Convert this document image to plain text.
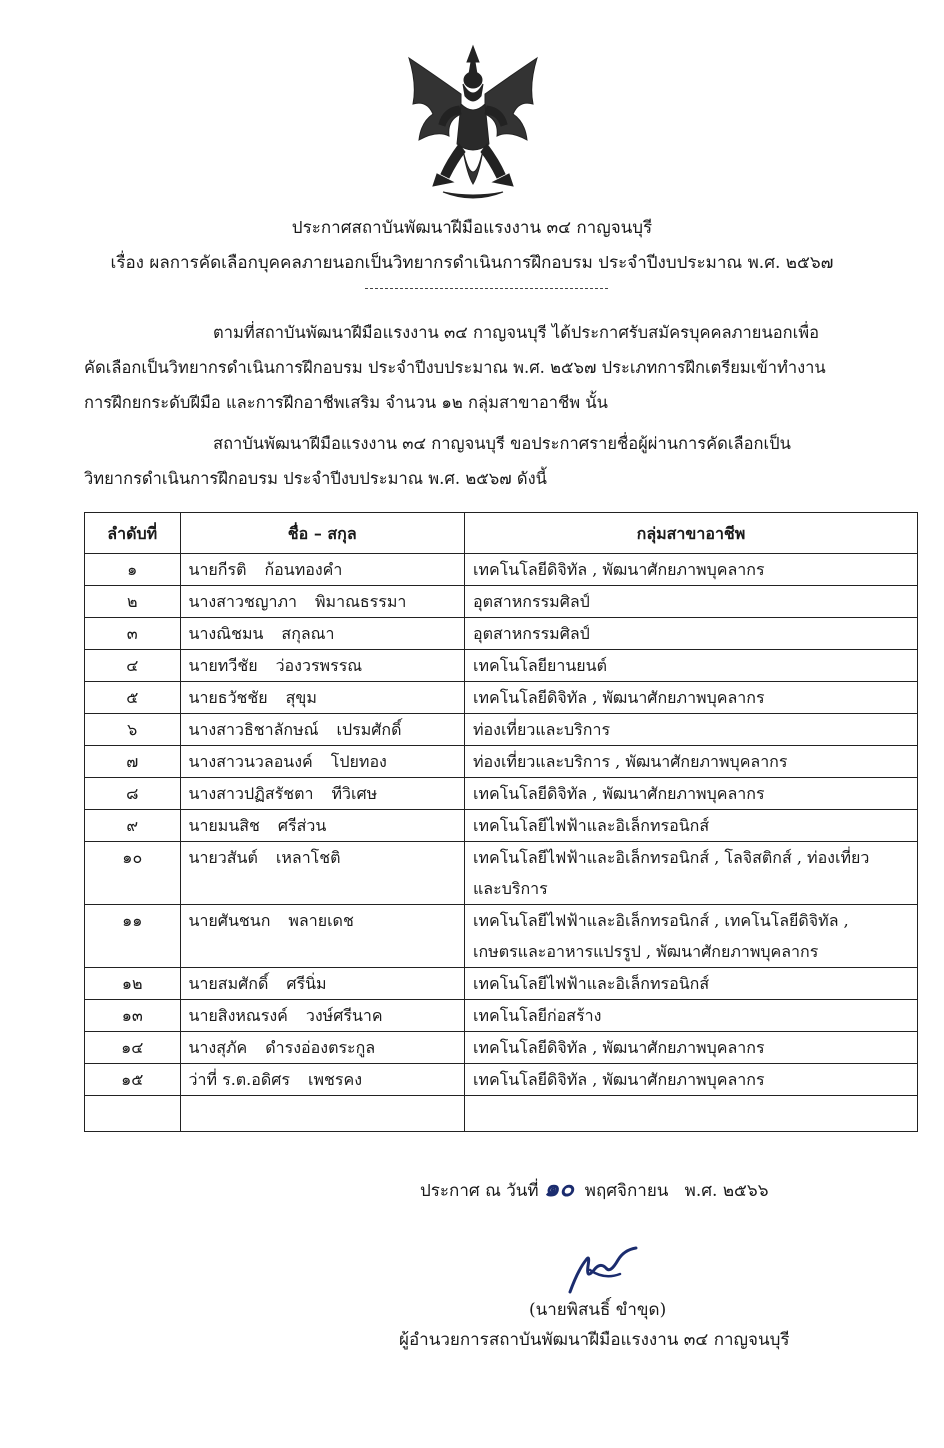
ประกาศสถาบันพัฒนาฝีมือแรงงาน ๓๔ กาญจนบุรี
เรื่อง ผลการคัดเลือกบุคคลภายนอกเป็นวิทยากรดำเนินการฝึกอบรม ประจำปีงบประมาณ พ.ศ. ๒๕๖๗
ตามที่สถาบันพัฒนาฝีมือแรงงาน ๓๔ กาญจนบุรี ได้ประกาศรับสมัครบุคคลภายนอกเพื่อ
คัดเลือกเป็นวิทยากรดำเนินการฝึกอบรม ประจำปีงบประมาณ พ.ศ. ๒๕๖๗ ประเภทการฝึกเตรียมเข้าทำงาน
การฝึกยกระดับฝีมือ และการฝึกอาชีพเสริม จำนวน ๑๒ กลุ่มสาขาอาชีพ นั้น
สถาบันพัฒนาฝีมือแรงงาน ๓๔ กาญจนบุรี ขอประกาศรายชื่อผู้ผ่านการคัดเลือกเป็น
วิทยากรดำเนินการฝึกอบรม ประจำปีงบประมาณ พ.ศ. ๒๕๖๗ ดังนี้
ลำดับที่	ชื่อ – สกุล	กลุ่มสาขาอาชีพ
๑	นายกีรติ ก้อนทองคำ	เทคโนโลยีดิจิทัล , พัฒนาศักยภาพบุคลากร

๒	นางสาวชญาภา พิมาณธรรมา	อุตสาหกรรมศิลป์

๓	นางณิชมน สกุลณา	อุตสาหกรรมศิลป์

๔	นายทวีชัย ว่องวรพรรณ	เทคโนโลยียานยนต์

๕	นายธวัชชัย สุขุม	เทคโนโลยีดิจิทัล , พัฒนาศักยภาพบุคลากร

๖	นางสาวธิชาลักษณ์ เปรมศักดิ์	ท่องเที่ยวและบริการ

๗	นางสาวนวลอนงค์ โปยทอง	ท่องเที่ยวและบริการ , พัฒนาศักยภาพบุคลากร

๘	นางสาวปฏิสรัชตา ทีวิเศษ	เทคโนโลยีดิจิทัล , พัฒนาศักยภาพบุคลากร

๙	นายมนสิช ศรีส่วน	เทคโนโลยีไฟฟ้าและอิเล็กทรอนิกส์

๑๐	นายวสันต์ เหลาโชติ	เทคโนโลยีไฟฟ้าและอิเล็กทรอนิกส์ , โลจิสติกส์ , ท่องเที่ยว
และบริการ

๑๑	นายศันชนก พลายเดช	เทคโนโลยีไฟฟ้าและอิเล็กทรอนิกส์ , เทคโนโลยีดิจิทัล ,
เกษตรและอาหารแปรรูป , พัฒนาศักยภาพบุคลากร

๑๒	นายสมศักดิ์ ศรีนิ่ม	เทคโนโลยีไฟฟ้าและอิเล็กทรอนิกส์

๑๓	นายสิงหณรงค์ วงษ์ศรีนาค	เทคโนโลยีก่อสร้าง

๑๔	นางสุภัค ดำรงอ่องตระกูล	เทคโนโลยีดิจิทัล , พัฒนาศักยภาพบุคลากร

๑๕	ว่าที่ ร.ต.อดิศร เพชรคง	เทคโนโลยีดิจิทัล , พัฒนาศักยภาพบุคลากร

ประกาศ ณ วันที่ ๑๐ พฤศจิกายน พ.ศ. ๒๕๖๖
(นายพิสนธิ์ ขำขุด)
ผู้อำนวยการสถาบันพัฒนาฝีมือแรงงาน ๓๔ กาญจนบุรี
